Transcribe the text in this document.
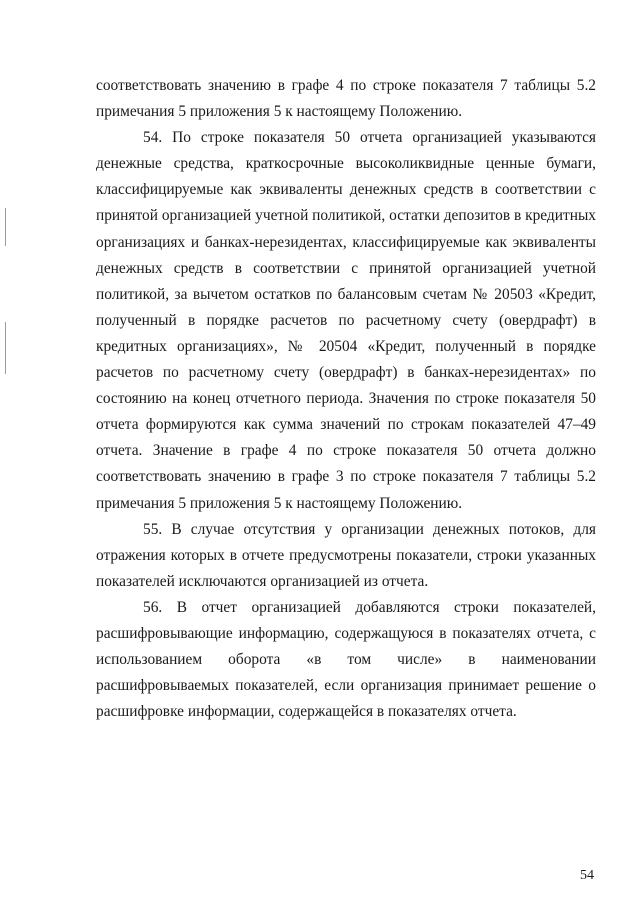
соответствовать значению в графе 4 по строке показателя 7 таблицы 5.2 примечания 5 приложения 5 к настоящему Положению.

54. По строке показателя 50 отчета организацией указываются денежные средства, краткосрочные высоколиквидные ценные бумаги, классифицируемые как эквиваленты денежных средств в соответствии с принятой организацией учетной политикой, остатки депозитов в кредитных организациях и банках-нерезидентах, классифицируемые как эквиваленты денежных средств в соответствии с принятой организацией учетной политикой, за вычетом остатков по балансовым счетам № 20503 «Кредит, полученный в порядке расчетов по расчетному счету (овердрафт) в кредитных организациях», № 20504 «Кредит, полученный в порядке расчетов по расчетному счету (овердрафт) в банках-нерезидентах» по состоянию на конец отчетного периода. Значения по строке показателя 50 отчета формируются как сумма значений по строкам показателей 47–49 отчета. Значение в графе 4 по строке показателя 50 отчета должно соответствовать значению в графе 3 по строке показателя 7 таблицы 5.2 примечания 5 приложения 5 к настоящему Положению.

55. В случае отсутствия у организации денежных потоков, для отражения которых в отчете предусмотрены показатели, строки указанных показателей исключаются организацией из отчета.

56. В отчет организацией добавляются строки показателей, расшифровывающие информацию, содержащуюся в показателях отчета, с использованием оборота «в том числе» в наименовании расшифровываемых показателей, если организация принимает решение о расшифровке информации, содержащейся в показателях отчета.

54
